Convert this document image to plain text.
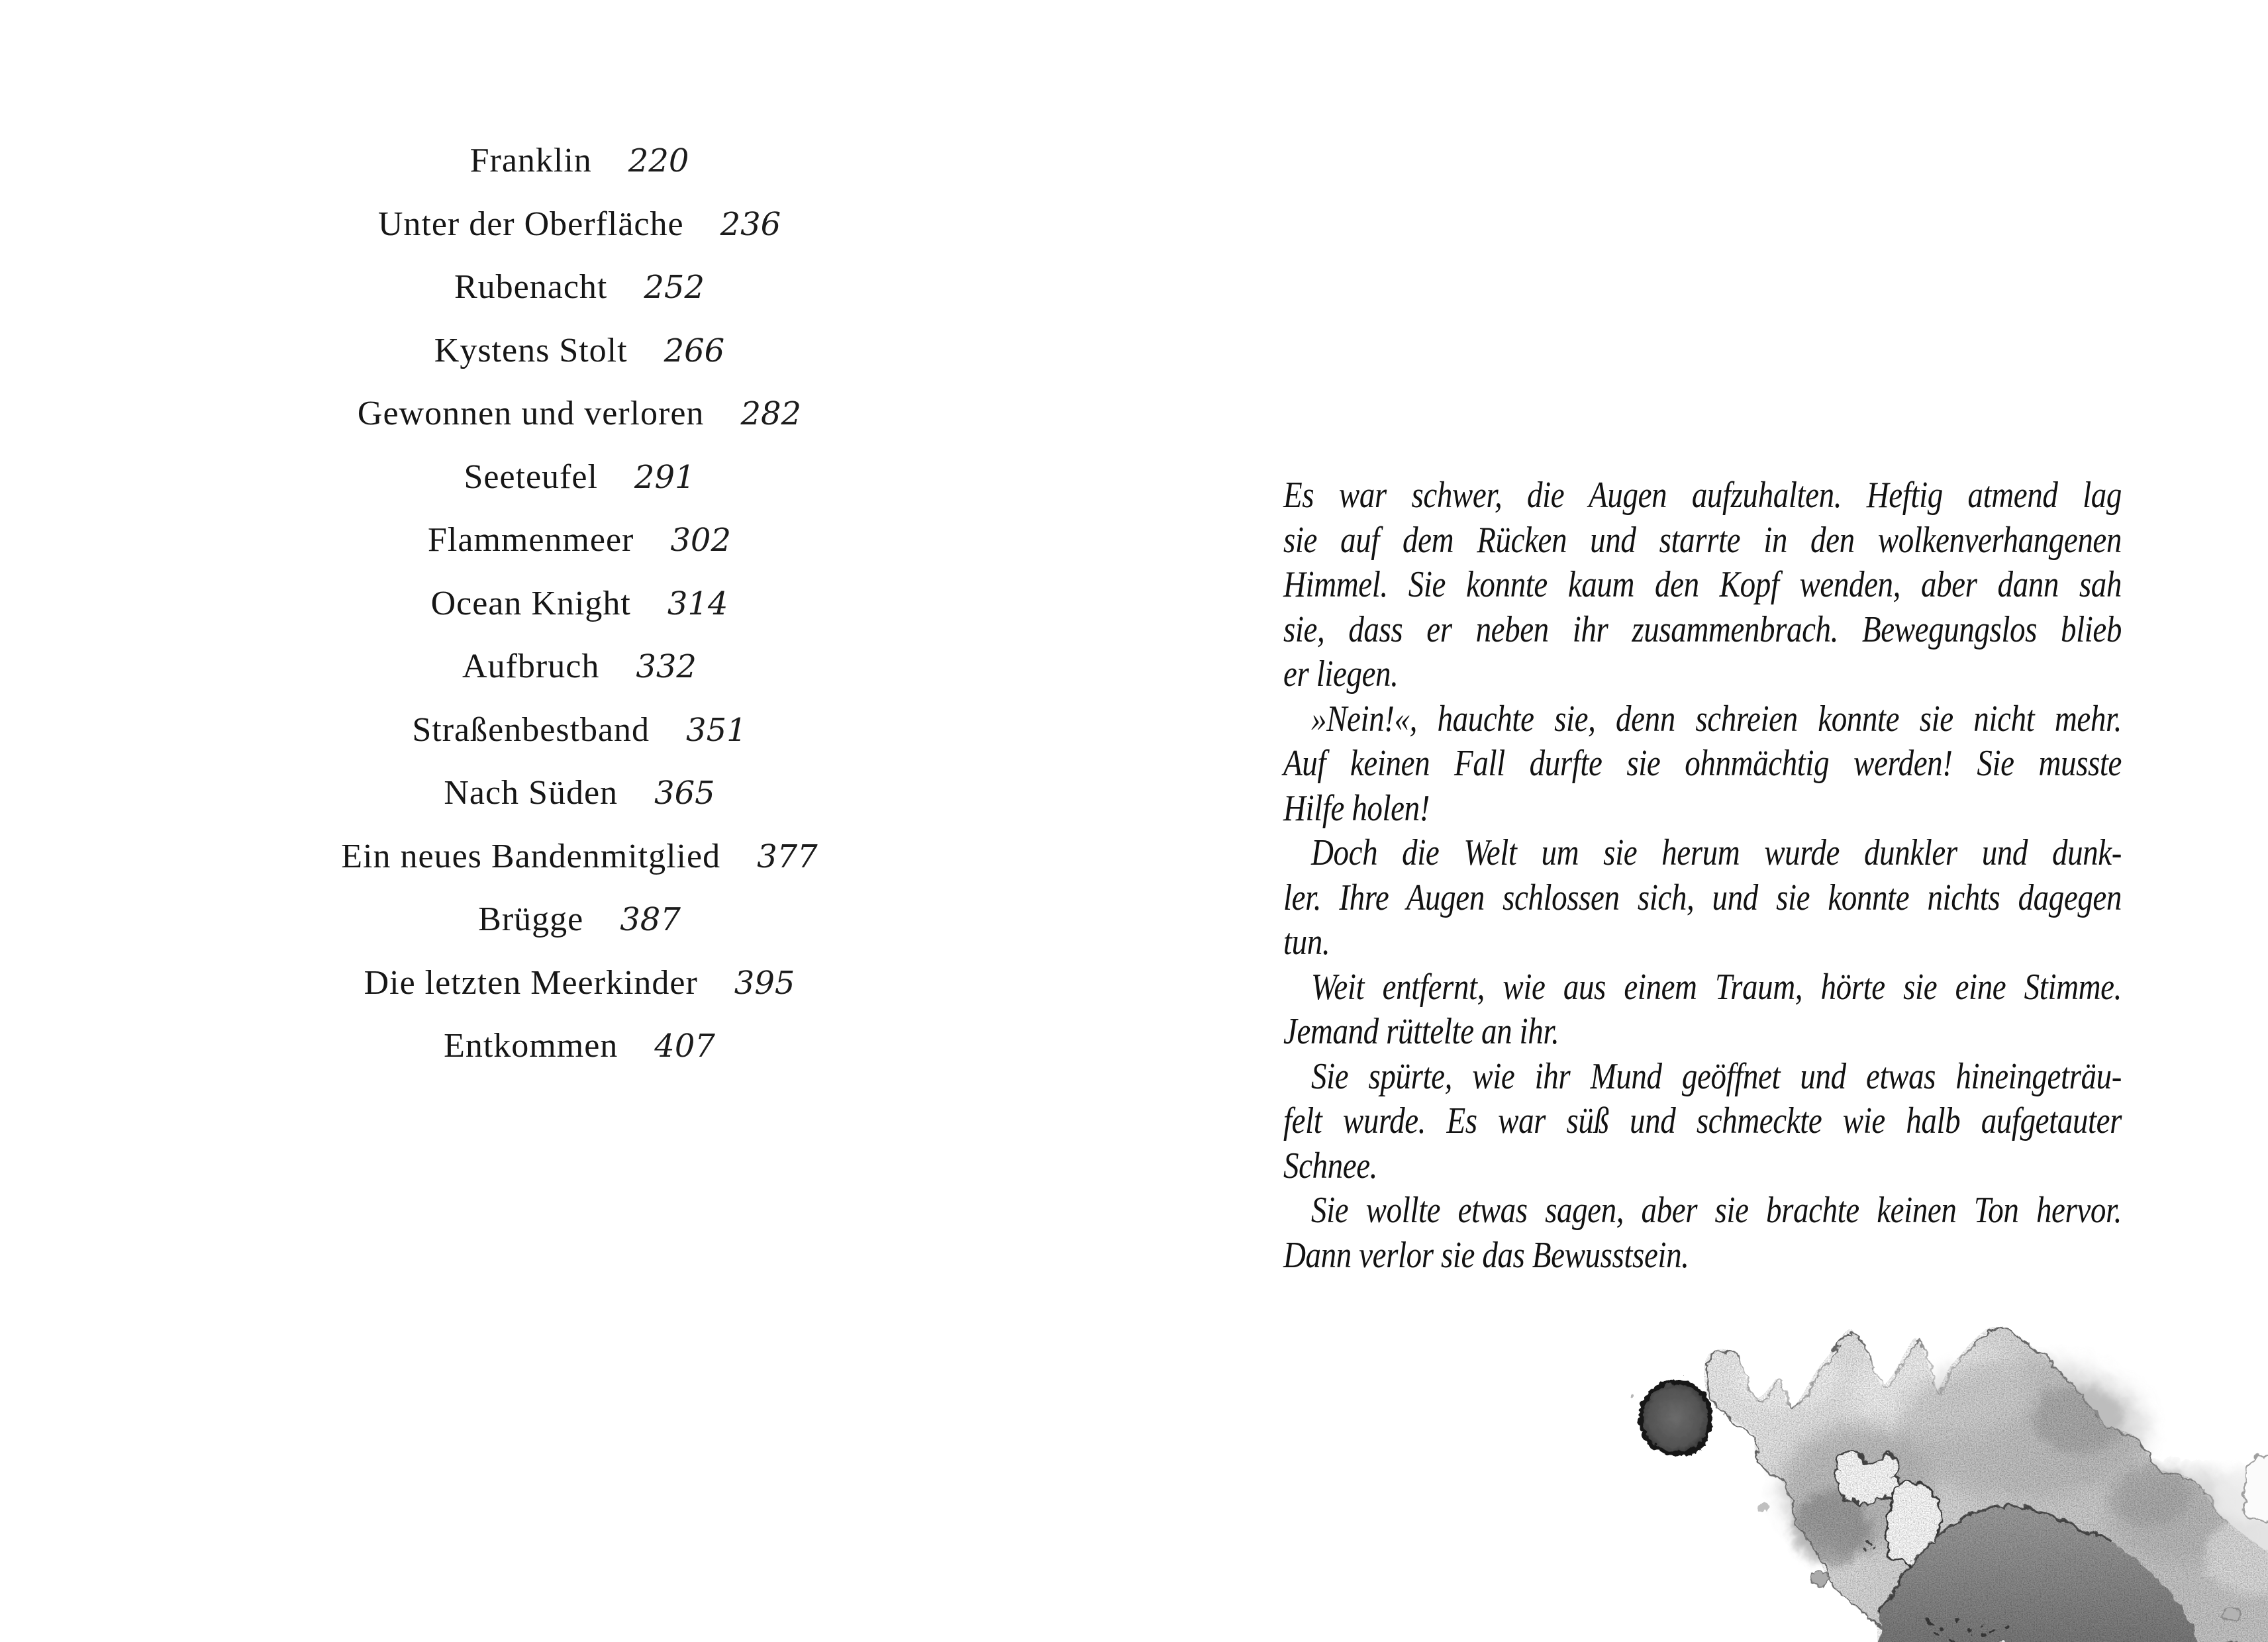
Franklin 220
Unter der Oberfläche 236
Rubenacht 252
Kystens Stolt 266
Gewonnen und verloren 282
Seeteufel 291
Flammenmeer 302
Ocean Knight 314
Aufbruch 332
Straßenbestband 351
Nach Süden 365
Ein neues Bandenmitglied 377
Brügge 387
Die letzten Meerkinder 395
Entkommen 407
Es war schwer, die Augen aufzuhalten. Heftig atmend lag
sie auf dem Rücken und starrte in den wolkenverhangenen
Himmel. Sie konnte kaum den Kopf wenden, aber dann sah
sie, dass er neben ihr zusammenbrach. Bewegungslos blieb
er liegen.
»Nein!«, hauchte sie, denn schreien konnte sie nicht mehr.
Auf keinen Fall durfte sie ohnmächtig werden! Sie musste
Hilfe holen!
Doch die Welt um sie herum wurde dunkler und dunk-
ler. Ihre Augen schlossen sich, und sie konnte nichts dagegen
tun.
Weit entfernt, wie aus einem Traum, hörte sie eine Stimme.
Jemand rüttelte an ihr.
Sie spürte, wie ihr Mund geöffnet und etwas hineingeträu-
felt wurde. Es war süß und schmeckte wie halb aufgetauter
Schnee.
Sie wollte etwas sagen, aber sie brachte keinen Ton hervor.
Dann verlor sie das Bewusstsein.
